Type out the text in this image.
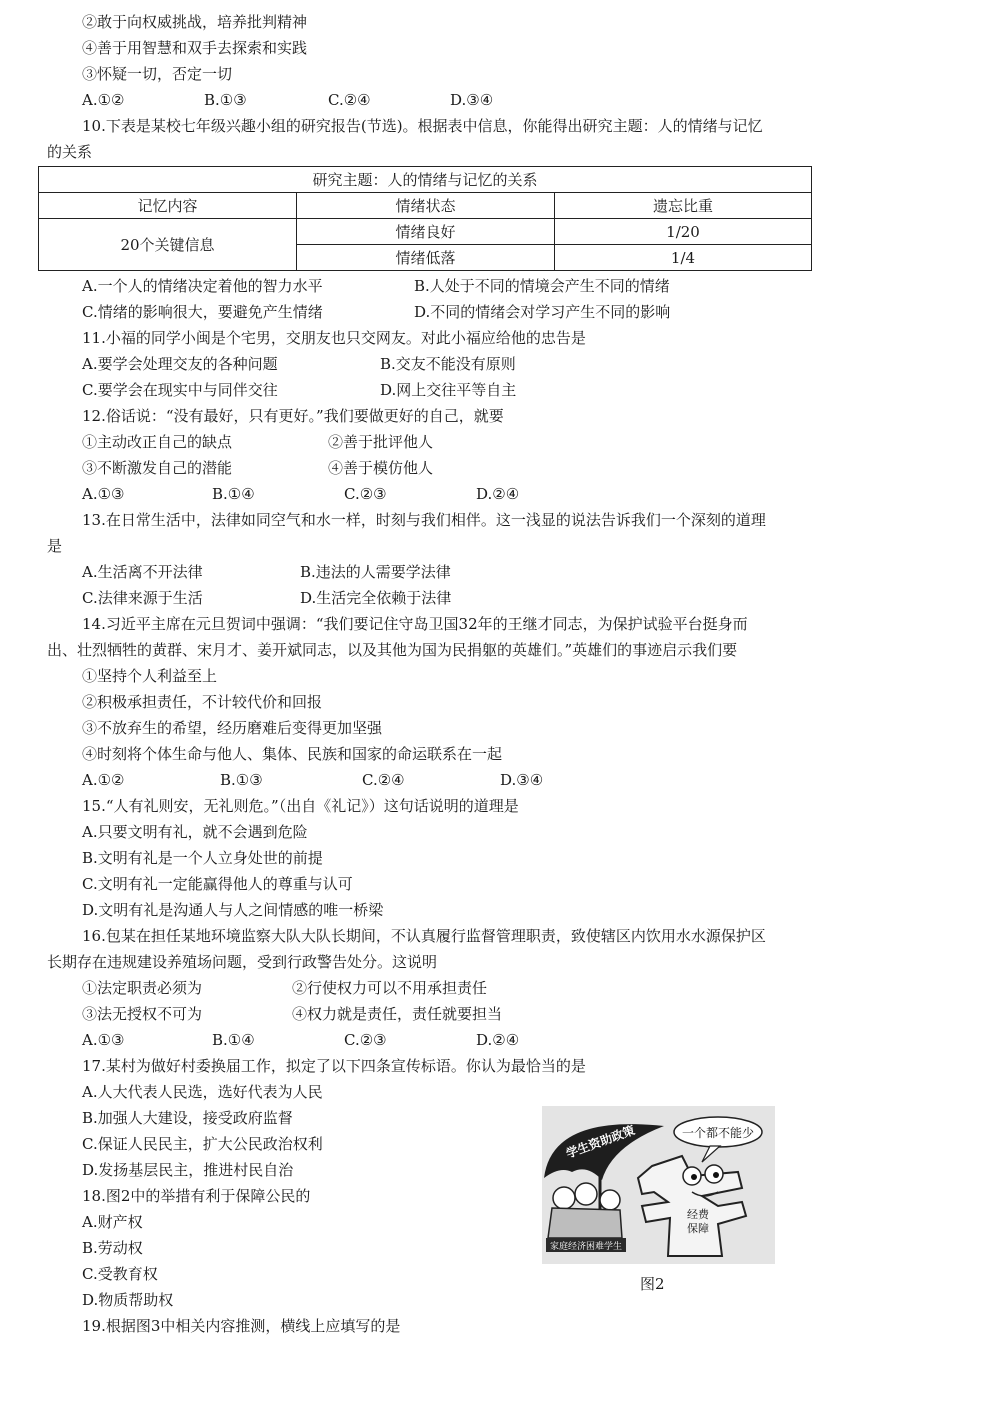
②敢于向权威挑战，培养批判精神
④善于用智慧和双手去探索和实践
③怀疑一切，否定一切
A.①②	B.①③	C.②④	D.③④
10.下表是某校七年级兴趣小组的研究报告(节选)。根据表中信息，你能得出研究主题：人的情绪与记忆
的关系
研究主题：人的情绪与记忆的关系		
记忆内容	情绪状态	遗忘比重
20个关键信息	情绪良好	1/20
	情绪低落	1/4
A.一个人的情绪决定着他的智力水平	B.人处于不同的情境会产生不同的情绪
C.情绪的影响很大，要避免产生情绪	D.不同的情绪会对学习产生不同的影响
11.小福的同学小闽是个宅男，交朋友也只交网友。对此小福应给他的忠告是
A.要学会处理交友的各种问题	B.交友不能没有原则
C.要学会在现实中与同伴交往	D.网上交往平等自主
12.俗话说：“没有最好，只有更好。”我们要做更好的自己，就要
①主动改正自己的缺点	②善于批评他人
③不断激发自己的潜能	④善于模仿他人
A.①③	B.①④	C.②③	D.②④
13.在日常生活中，法律如同空气和水一样，时刻与我们相伴。这一浅显的说法告诉我们一个深刻的道理
是
A.生活离不开法律	B.违法的人需要学法律
C.法律来源于生活	D.生活完全依赖于法律
14.习近平主席在元旦贺词中强调：“我们要记住守岛卫国32年的王继才同志，为保护试验平台挺身而
出、壮烈牺牲的黄群、宋月才、姜开斌同志，以及其他为国为民捐躯的英雄们。”英雄们的事迹启示我们要
①坚持个人利益至上
②积极承担责任，不计较代价和回报
③不放弃生的希望，经历磨难后变得更加坚强
④时刻将个体生命与他人、集体、民族和国家的命运联系在一起
A.①②	B.①③	C.②④	D.③④
15.“人有礼则安，无礼则危。”（出自《礼记》）这句话说明的道理是
A.只要文明有礼，就不会遇到危险
B.文明有礼是一个人立身处世的前提
C.文明有礼一定能赢得他人的尊重与认可
D.文明有礼是沟通人与人之间情感的唯一桥梁
16.包某在担任某地环境监察大队大队长期间，不认真履行监督管理职责，致使辖区内饮用水水源保护区
长期存在违规建设养殖场问题，受到行政警告处分。这说明
①法定职责必须为	②行使权力可以不用承担责任
③法无授权不可为	④权力就是责任，责任就要担当
A.①③	B.①④	C.②③	D.②④
17.某村为做好村委换届工作，拟定了以下四条宣传标语。你认为最恰当的是
A.人大代表人民选，选好代表为人民
B.加强人大建设，接受政府监督
C.保证人民民主，扩大公民政治权利
D.发扬基层民主，推进村民自治
18.图2中的举措有利于保障公民的
A.财产权
B.劳动权
C.受教育权
D.物质帮助权
19.根据图3中相关内容推测，横线上应填写的是
学生资助政策	一个都不能少
经费
保障
家庭经济困难学生
图2
